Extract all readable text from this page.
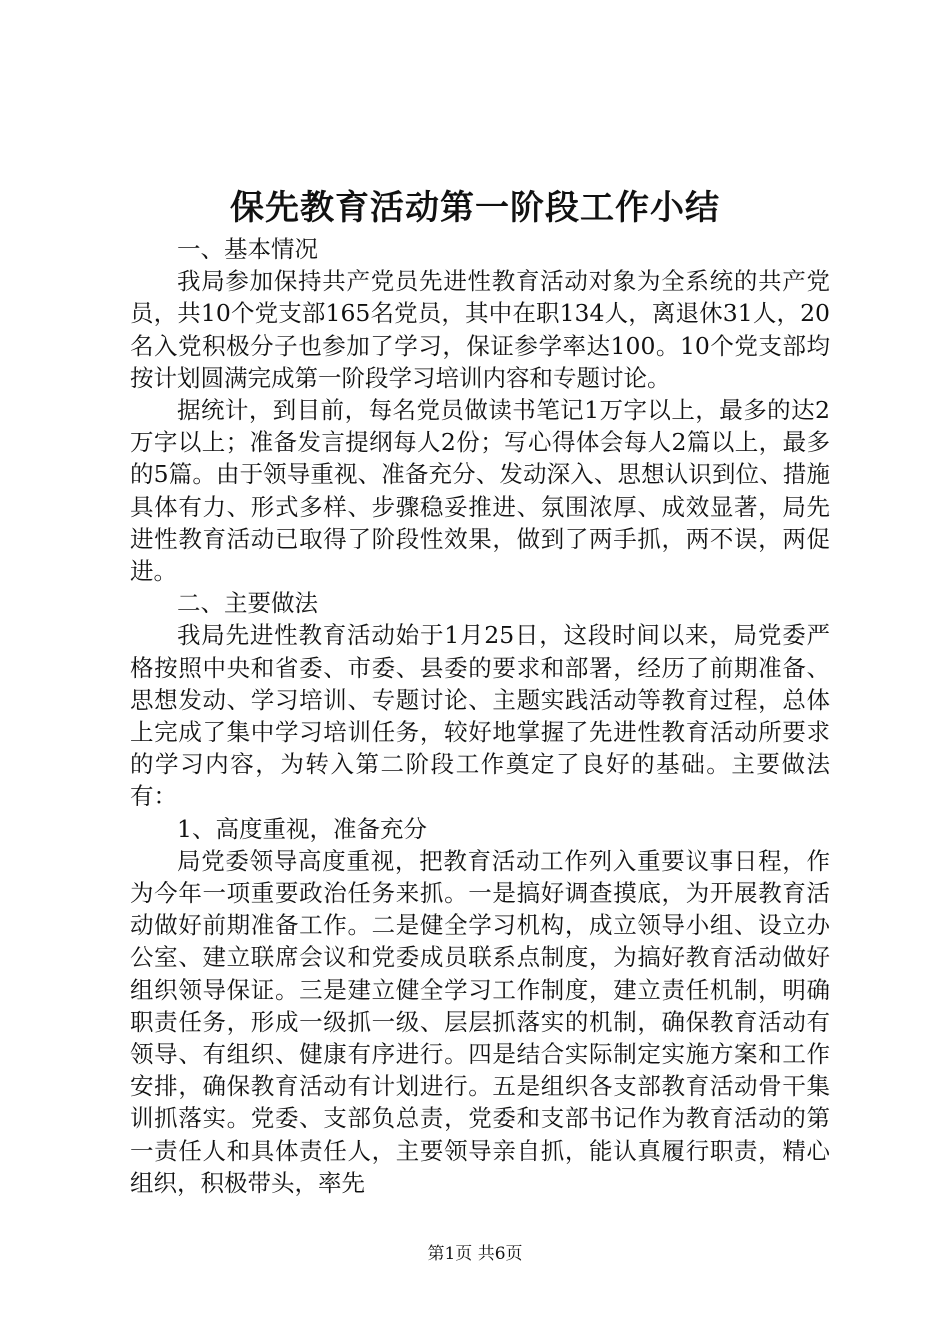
保先教育活动第一阶段工作小结

一、基本情况

我局参加保持共产党员先进性教育活动对象为全系统的共产党员，共10个党支部165名党员，其中在职134人，离退休31人，20名入党积极分子也参加了学习，保证参学率达100。10个党支部均按计划圆满完成第一阶段学习培训内容和专题讨论。

据统计，到目前，每名党员做读书笔记1万字以上，最多的达2万字以上；准备发言提纲每人2份；写心得体会每人2篇以上，最多的5篇。由于领导重视、准备充分、发动深入、思想认识到位、措施具体有力、形式多样、步骤稳妥推进、氛围浓厚、成效显著，局先进性教育活动已取得了阶段性效果，做到了两手抓，两不误，两促进。

二、主要做法

我局先进性教育活动始于1月25日，这段时间以来，局党委严格按照中央和省委、市委、县委的要求和部署，经历了前期准备、思想发动、学习培训、专题讨论、主题实践活动等教育过程，总体上完成了集中学习培训任务，较好地掌握了先进性教育活动所要求的学习内容，为转入第二阶段工作奠定了良好的基础。主要做法有：

1、高度重视，准备充分

局党委领导高度重视，把教育活动工作列入重要议事日程，作为今年一项重要政治任务来抓。一是搞好调查摸底，为开展教育活动做好前期准备工作。二是健全学习机构，成立领导小组、设立办公室、建立联席会议和党委成员联系点制度，为搞好教育活动做好组织领导保证。三是建立健全学习工作制度，建立责任机制，明确职责任务，形成一级抓一级、层层抓落实的机制，确保教育活动有领导、有组织、健康有序进行。四是结合实际制定实施方案和工作安排，确保教育活动有计划进行。五是组织各支部教育活动骨干集训抓落实。党委、支部负总责，党委和支部书记作为教育活动的第一责任人和具体责任人，主要领导亲自抓，能认真履行职责，精心组织，积极带头，率先

第1页 共6页
